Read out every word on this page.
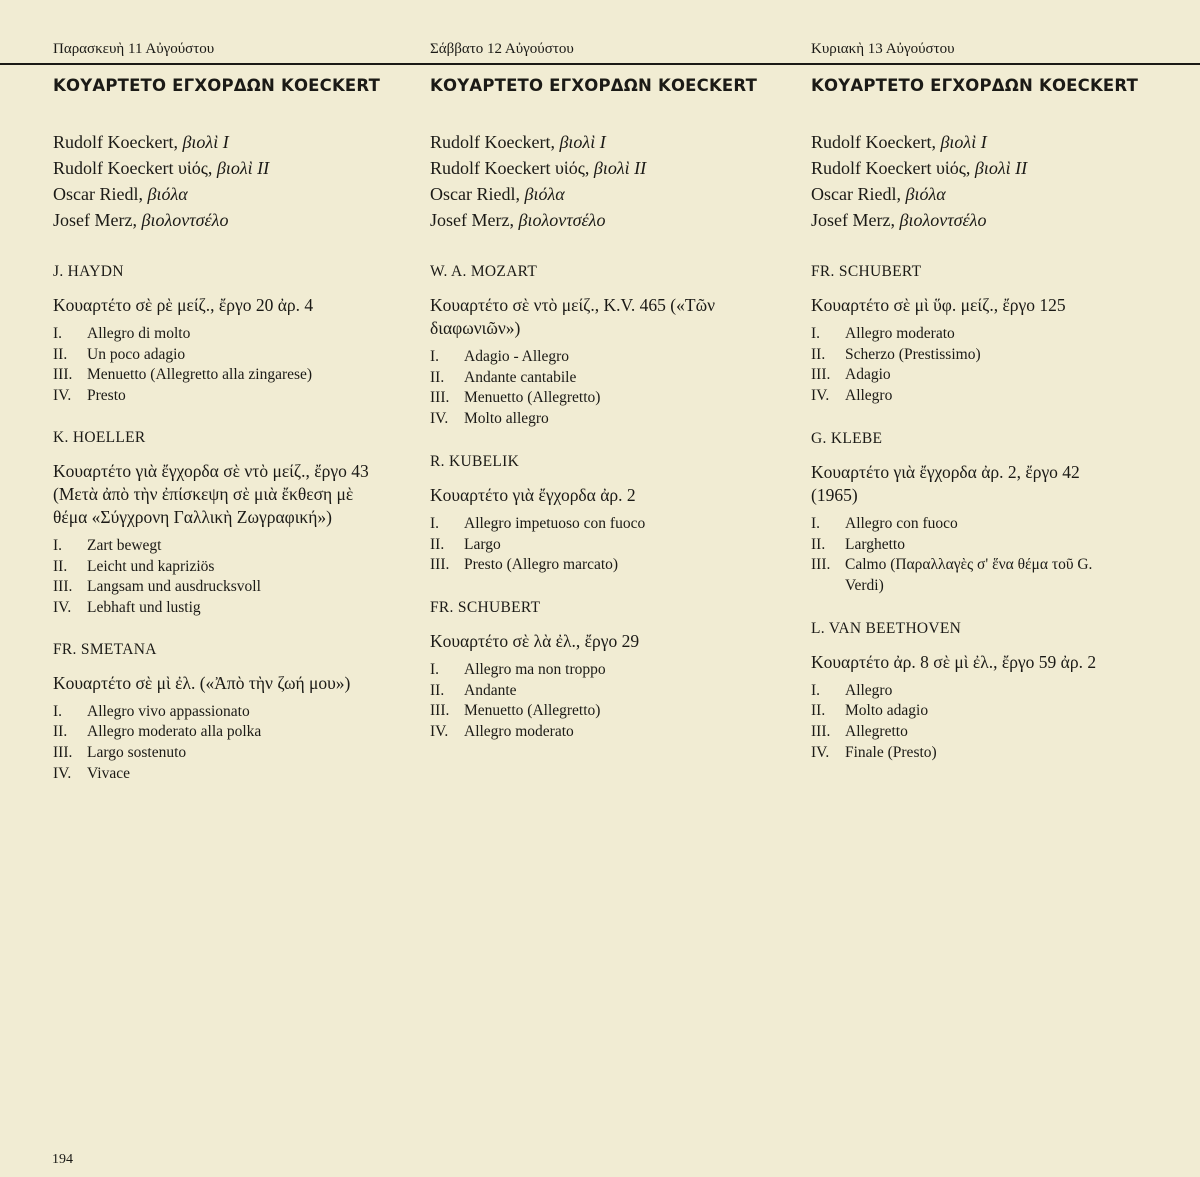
Παρασκευὴ 11 Αὐγούστου	Σάββατο 12 Αὐγούστου	Κυριακὴ 13 Αὐγούστου
ΚΟΥΑΡΤΕΤΟ ΕΓΧΟΡΔΩΝ ΚΟECKERT
Rudolf Koeckert, βιολὶ Ι
Rudolf Koeckert υἱός, βιολὶ ΙΙ
Oscar Riedl, βιόλα
Josef Merz, βιολοντσέλο
J. HAYDN
Κουαρτέτο σὲ ρὲ μείζ., ἔργο 20 ἀρ. 4
I. Allegro di molto
II. Un poco adagio
III. Menuetto (Allegretto alla zingarese)
IV. Presto
K. HOELLER
Κουαρτέτο γιὰ ἔγχορδα σὲ ντὸ μείζ., ἔργο 43 (Μετὰ ἀπὸ τὴν ἐπίσκεψη σὲ μιὰ ἔκθεση μὲ θέμα «Σύγχρονη Γαλλικὴ Ζωγραφική»)
I. Zart bewegt
II. Leicht und kapriziös
III. Langsam und ausdrucksvoll
IV. Lebhaft und lustig
FR. SMETANA
Κουαρτέτο σὲ μὶ ἐλ. («Ἀπὸ τὴν ζωή μου»)
I. Allegro vivo appassionato
II. Allegro moderato alla polka
III. Largo sostenuto
IV. Vivace
ΚΟΥΑΡΤΕΤΟ ΕΓΧΟΡΔΩΝ ΚΟECKERT
Rudolf Koeckert, βιολὶ Ι
Rudolf Koeckert υἱός, βιολὶ ΙΙ
Oscar Riedl, βιόλα
Josef Merz, βιολοντσέλο
W. A. MOZART
Κουαρτέτο σὲ ντὸ μείζ., K.V. 465 («Τῶν διαφωνιῶν»)
I. Adagio - Allegro
II. Andante cantabile
III. Menuetto (Allegretto)
IV. Molto allegro
R. KUBELIK
Κουαρτέτο γιὰ ἔγχορδα ἀρ. 2
I. Allegro impetuoso con fuoco
II. Largo
III. Presto (Allegro marcato)
FR. SCHUBERT
Κουαρτέτο σὲ λὰ ἐλ., ἔργο 29
I. Allegro ma non troppo
II. Andante
III. Menuetto (Allegretto)
IV. Allegro moderato
ΚΟΥΑΡΤΕΤΟ ΕΓΧΟΡΔΩΝ ΚΟECKERT
Rudolf Koeckert, βιολὶ Ι
Rudolf Koeckert υἱός, βιολὶ ΙΙ
Oscar Riedl, βιόλα
Josef Merz, βιολοντσέλο
FR. SCHUBERT
Κουαρτέτο σὲ μὶ ὕφ. μείζ., ἔργο 125
I. Allegro moderato
II. Scherzo (Prestissimo)
III. Adagio
IV. Allegro
G. KLEBE
Κουαρτέτο γιὰ ἔγχορδα ἀρ. 2, ἔργο 42 (1965)
I. Allegro con fuoco
II. Larghetto
III. Calmo (Παραλλαγὲς σ' ἕνα θέμα τοῦ G. Verdi)
L. VAN BEETHOVEN
Κουαρτέτο ἀρ. 8 σὲ μὶ ἐλ., ἔργο 59 ἀρ. 2
I. Allegro
II. Molto adagio
III. Allegretto
IV. Finale (Presto)
194
